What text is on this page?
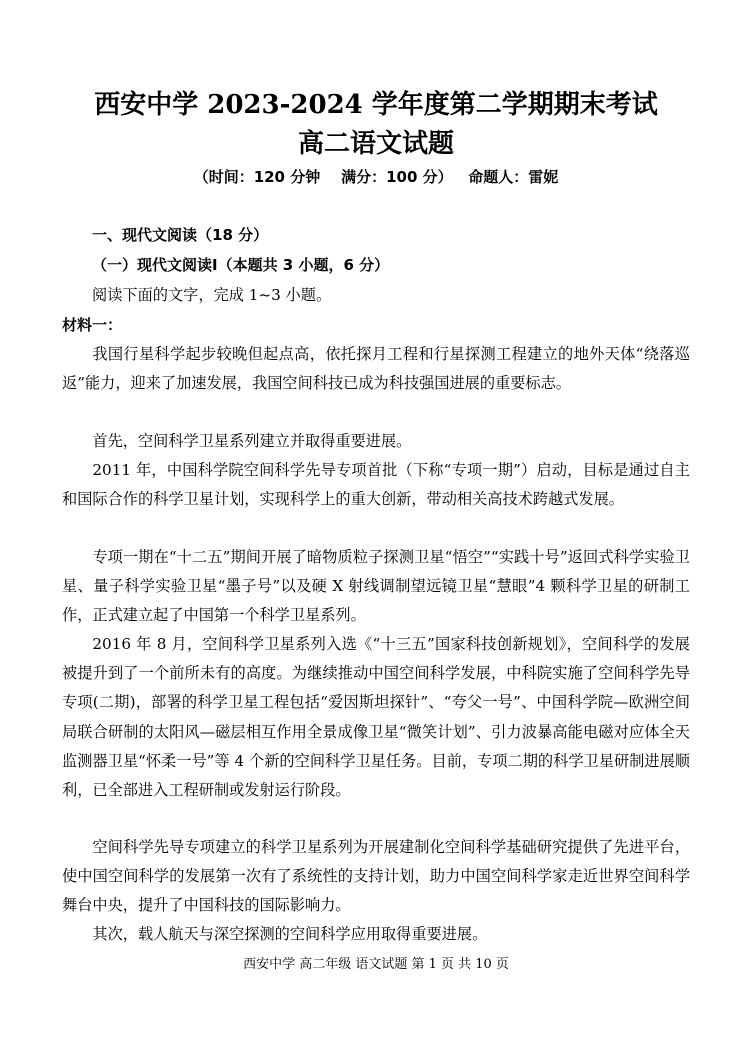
西安中学 2023-2024 学年度第二学期期末考试
高二语文试题
（时间：120 分钟    满分：100 分）   命题人：雷妮
一、现代文阅读（18 分）
（一）现代文阅读Ⅰ（本题共 3 小题，6 分）
阅读下面的文字，完成 1~3 小题。
材料一：
我国行星科学起步较晚但起点高，依托探月工程和行星探测工程建立的地外天体“绕落巡返”能力，迎来了加速发展，我国空间科技已成为科技强国进展的重要标志。
首先，空间科学卫星系列建立并取得重要进展。
2011 年，中国科学院空间科学先导专项首批（下称“专项一期”）启动，目标是通过自主和国际合作的科学卫星计划，实现科学上的重大创新，带动相关高技术跨越式发展。
专项一期在“十二五”期间开展了暗物质粒子探测卫星“悟空”“实践十号”返回式科学实验卫星、量子科学实验卫星“墨子号”以及硬 X 射线调制望远镜卫星“慧眼”4 颗科学卫星的研制工作，正式建立起了中国第一个科学卫星系列。
2016 年 8 月，空间科学卫星系列入选《“十三五”国家科技创新规划》，空间科学的发展被提升到了一个前所未有的高度。为继续推动中国空间科学发展，中科院实施了空间科学先导专项(二期)，部署的科学卫星工程包括“爱因斯坦探针”、“夸父一号”、中国科学院—欧洲空间局联合研制的太阳风—磁层相互作用全景成像卫星“微笑计划”、引力波暴高能电磁对应体全天监测器卫星“怀柔一号”等 4 个新的空间科学卫星任务。目前，专项二期的科学卫星研制进展顺利，已全部进入工程研制或发射运行阶段。
空间科学先导专项建立的科学卫星系列为开展建制化空间科学基础研究提供了先进平台，使中国空间科学的发展第一次有了系统性的支持计划，助力中国空间科学家走近世界空间科学舞台中央，提升了中国科技的国际影响力。
其次，载人航天与深空探测的空间科学应用取得重要进展。
西安中学 高二年级 语文试题 第 1 页 共 10 页
